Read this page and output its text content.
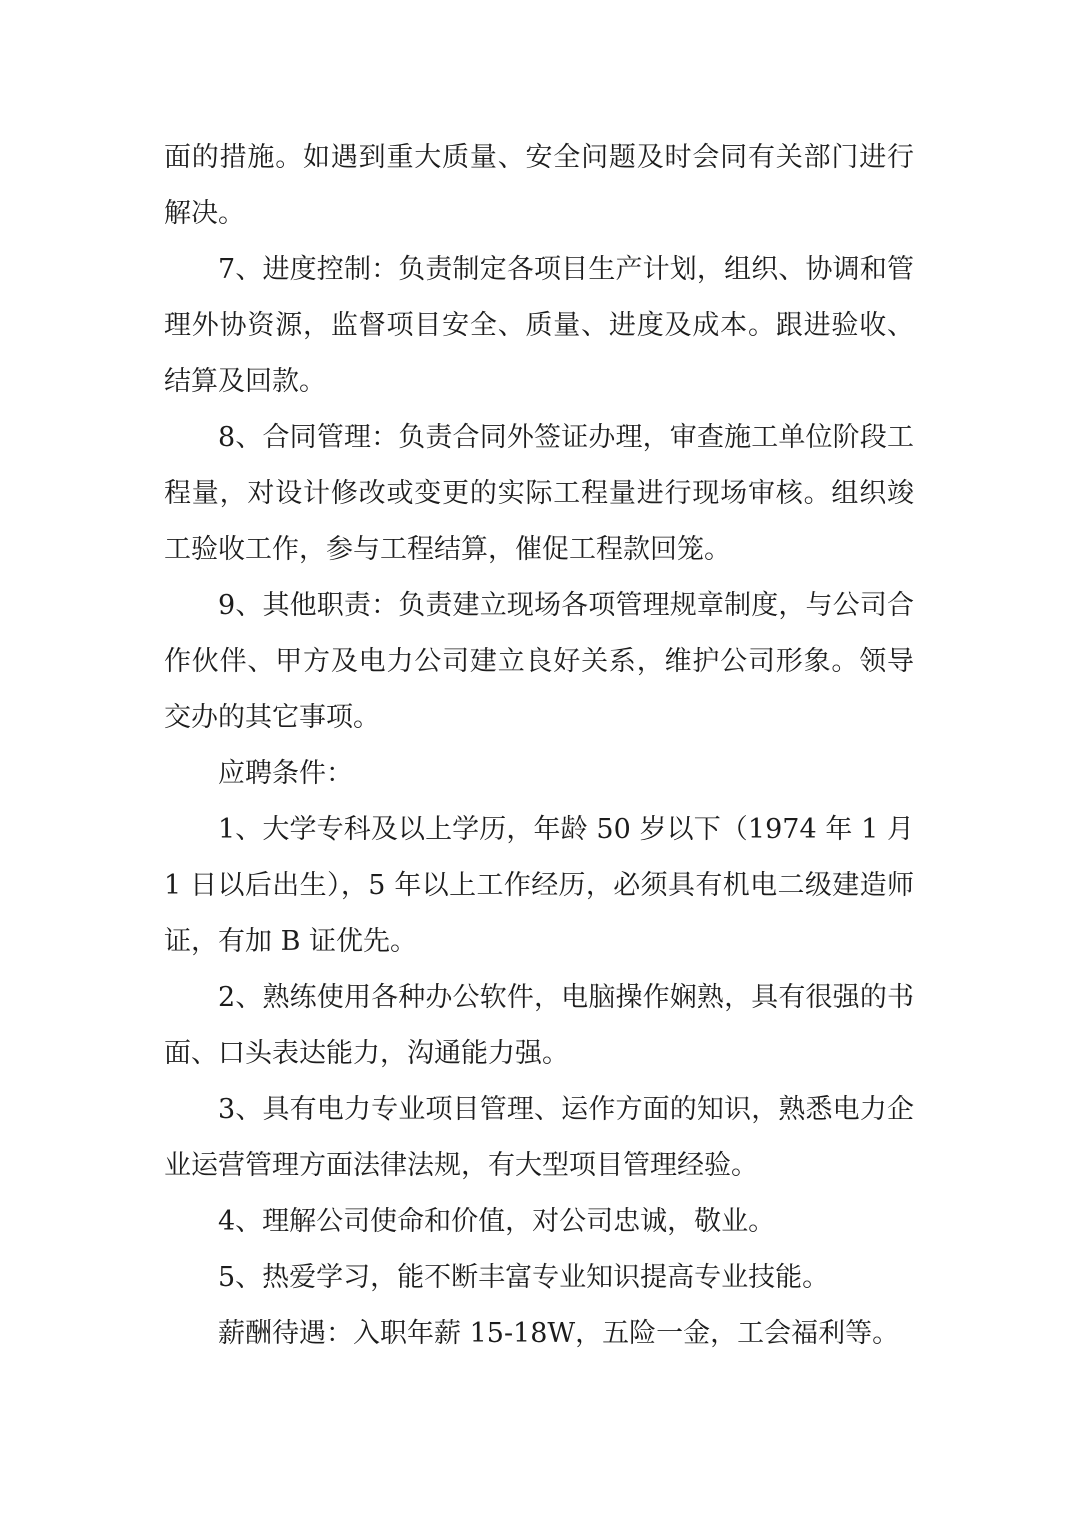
面的措施。如遇到重大质量、安全问题及时会同有关部门进行解决。

7、进度控制：负责制定各项目生产计划，组织、协调和管理外协资源，监督项目安全、质量、进度及成本。跟进验收、结算及回款。

8、合同管理：负责合同外签证办理，审查施工单位阶段工程量，对设计修改或变更的实际工程量进行现场审核。组织竣工验收工作，参与工程结算，催促工程款回笼。

9、其他职责：负责建立现场各项管理规章制度，与公司合作伙伴、甲方及电力公司建立良好关系，维护公司形象。领导交办的其它事项。

应聘条件：

1、大学专科及以上学历，年龄 50 岁以下（1974 年 1 月 1 日以后出生），5 年以上工作经历，必须具有机电二级建造师证，有加 B 证优先。

2、熟练使用各种办公软件，电脑操作娴熟，具有很强的书面、口头表达能力，沟通能力强。

3、具有电力专业项目管理、运作方面的知识，熟悉电力企业运营管理方面法律法规，有大型项目管理经验。

4、理解公司使命和价值，对公司忠诚，敬业。

5、热爱学习，能不断丰富专业知识提高专业技能。

薪酬待遇：入职年薪 15-18W，五险一金，工会福利等。
